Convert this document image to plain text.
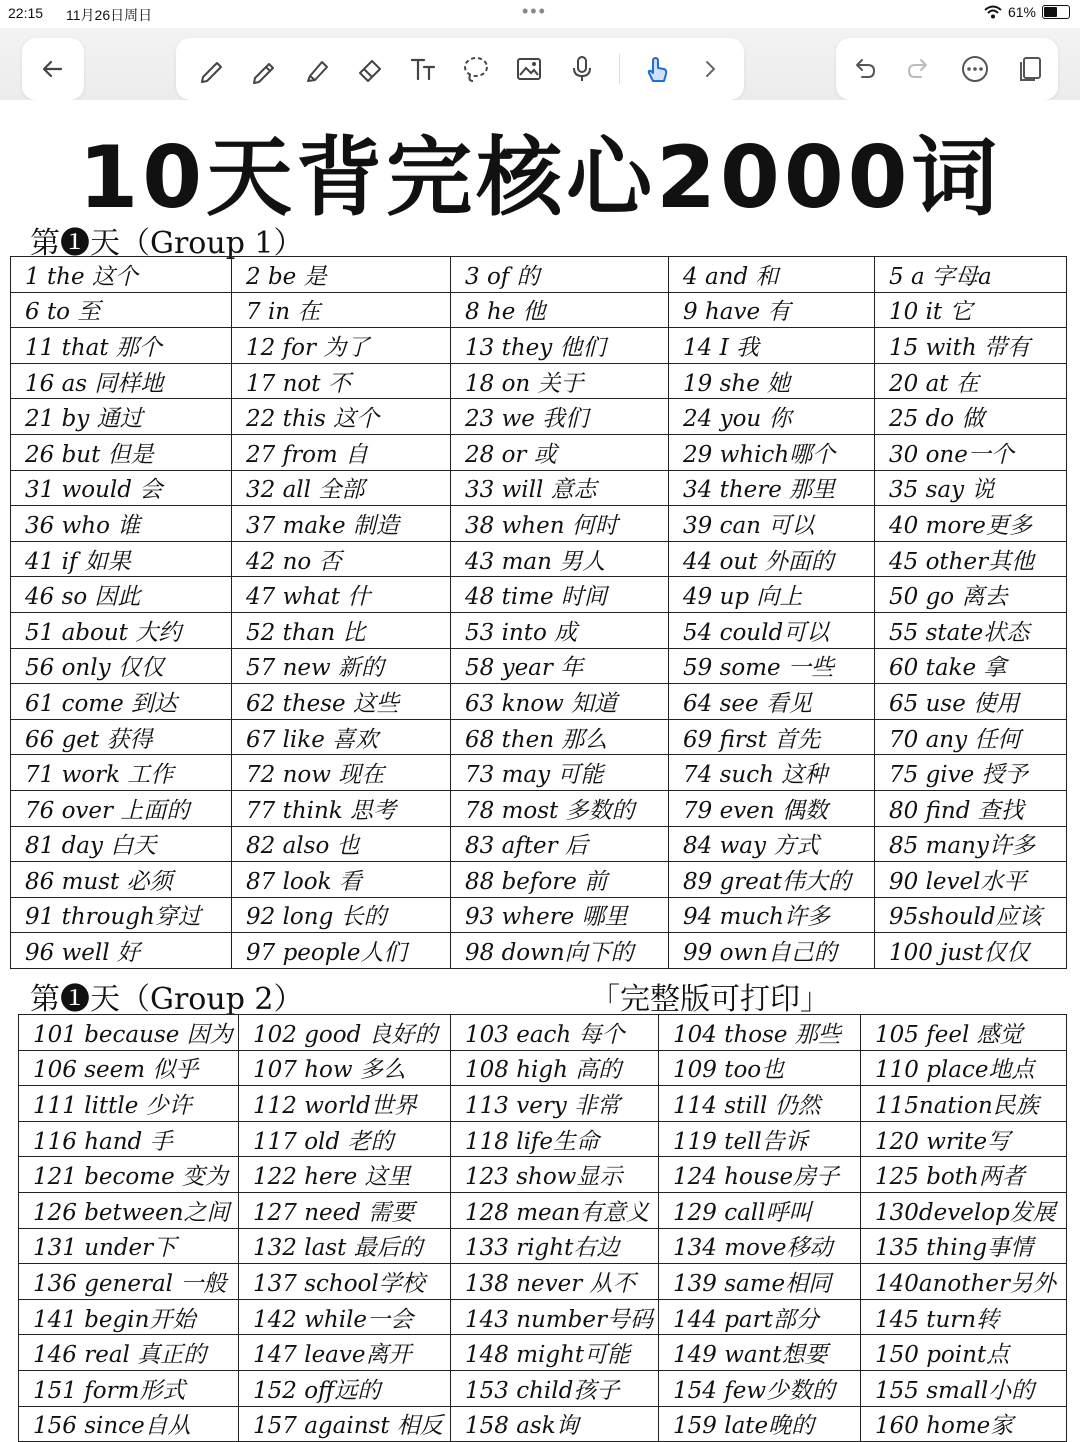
22:15 11月26日周日	•••	61%
10天背完核心2000词
第❶天（Group 1）
1 the 这个	2 be 是	3 of 的	4 and 和	5 a 字母a
6 to 至	7 in 在	8 he 他	9 have 有	10 it 它
11 that 那个	12 for 为了	13 they 他们	14 I 我	15 with 带有
16 as 同样地	17 not 不	18 on 关于	19 she 她	20 at 在
21 by 通过	22 this 这个	23 we 我们	24 you 你	25 do 做
26 but 但是	27 from 自	28 or 或	29 which哪个	30 one一个
31 would 会	32 all 全部	33 will 意志	34 there 那里	35 say 说
36 who 谁	37 make 制造	38 when 何时	39 can 可以	40 more更多
41 if 如果	42 no 否	43 man 男人	44 out 外面的	45 other其他
46 so 因此	47 what 什	48 time 时间	49 up 向上	50 go 离去
51 about 大约	52 than 比	53 into 成	54 could可以	55 state状态
56 only 仅仅	57 new 新的	58 year 年	59 some 一些	60 take 拿
61 come 到达	62 these 这些	63 know 知道	64 see 看见	65 use 使用
66 get 获得	67 like 喜欢	68 then 那么	69 first 首先	70 any 任何
71 work 工作	72 now 现在	73 may 可能	74 such 这种	75 give 授予
76 over 上面的	77 think 思考	78 most 多数的	79 even 偶数	80 find 查找
81 day 白天	82 also 也	83 after 后	84 way 方式	85 many许多
86 must 必须	87 look 看	88 before 前	89 great伟大的	90 level水平
91 through穿过	92 long 长的	93 where 哪里	94 much许多	95should应该
96 well 好	97 people人们	98 down向下的	99 own自己的	100 just仅仅
第❶天（Group 2）	「完整版可打印」
101 because 因为	102 good 良好的	103 each 每个	104 those 那些	105 feel 感觉
106 seem 似乎	107 how 多么	108 high 高的	109 too也	110 place地点
111 little 少许	112 world世界	113 very 非常	114 still 仍然	115nation民族
116 hand 手	117 old 老的	118 life生命	119 tell告诉	120 write写
121 become 变为	122 here 这里	123 show显示	124 house房子	125 both两者
126 between之间	127 need 需要	128 mean有意义	129 call呼叫	130develop发展
131 under下	132 last 最后的	133 right右边	134 move移动	135 thing事情
136 general 一般	137 school学校	138 never 从不	139 same相同	140another另外
141 begin开始	142 while一会	143 number号码	144 part部分	145 turn转
146 real 真正的	147 leave离开	148 might可能	149 want想要	150 point点
151 form形式	152 off远的	153 child孩子	154 few少数的	155 small小的
156 since自从	157 against 相反	158 ask询	159 late晚的	160 home家
